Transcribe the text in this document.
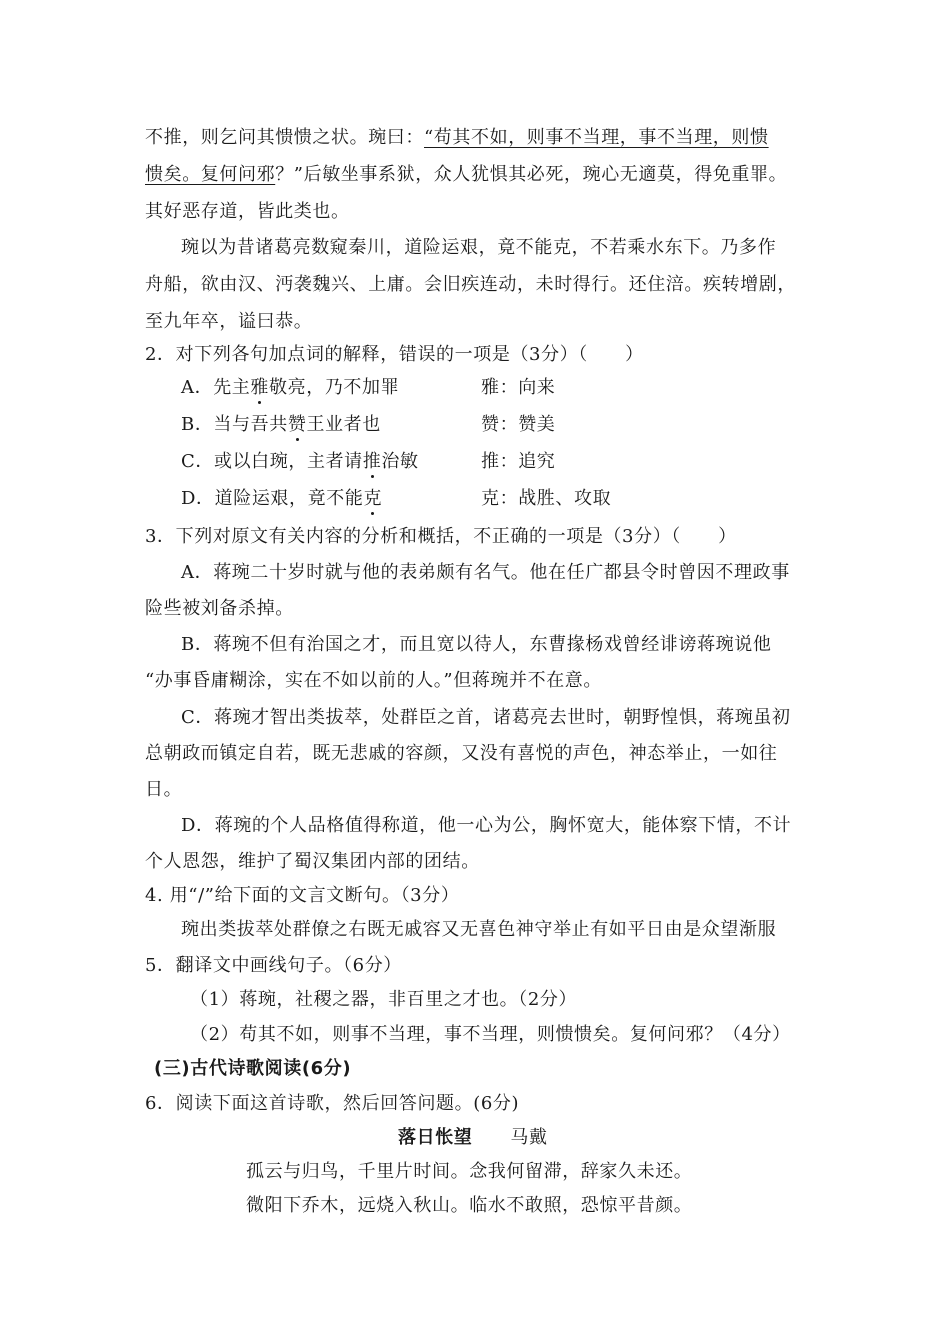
不推，则乞问其愦愦之状。琬曰：“苟其不如，则事不当理，事不当理，则愦
愦矣。复何问邪？”后敏坐事系狱，众人犹惧其必死，琬心无適莫，得免重罪。
其好恶存道，皆此类也。
琬以为昔诸葛亮数窥秦川，道险运艰，竟不能克，不若乘水东下。乃多作
舟船，欲由汉、沔袭魏兴、上庸。会旧疾连动，未时得行。还住涪。疾转增剧，
至九年卒，谥曰恭。
2．对下列各句加点词的解释，错误的一项是（3分）（　　）
A．先主雅敬亮，乃不加罪	雅：向来
B．当与吾共赞王业者也	赞：赞美
C．或以白琬，主者请推治敏	推：追究
D．道险运艰，竟不能克	克：战胜、攻取
3．下列对原文有关内容的分析和概括，不正确的一项是（3分）（　　）
A．蒋琬二十岁时就与他的表弟颇有名气。他在任广都县令时曾因不理政事
险些被刘备杀掉。
B．蒋琬不但有治国之才，而且宽以待人，东曹掾杨戏曾经诽谤蒋琬说他
“办事昏庸糊涂，实在不如以前的人。”但蒋琬并不在意。
C．蒋琬才智出类拔萃，处群臣之首，诸葛亮去世时，朝野惶惧，蒋琬虽初
总朝政而镇定自若，既无悲戚的容颜，又没有喜悦的声色，神态举止，一如往
日。
D．蒋琬的个人品格值得称道，他一心为公，胸怀宽大，能体察下情，不计
个人恩怨，维护了蜀汉集团内部的团结。
4. 用“/”给下面的文言文断句。（3分）
琬出类拔萃处群僚之右既无戚容又无喜色神守举止有如平日由是众望渐服
5．翻译文中画线句子。（6分）
（1）蒋琬，社稷之器，非百里之才也。（2分）
（2）苟其不如，则事不当理，事不当理，则愦愦矣。复何问邪？（4分）
(三)古代诗歌阅读(6分)
6．阅读下面这首诗歌，然后回答问题。(6分)
落日怅望 马戴
孤云与归鸟，千里片时间。念我何留滞，辞家久未还。
微阳下乔木，远烧入秋山。临水不敢照，恐惊平昔颜。
